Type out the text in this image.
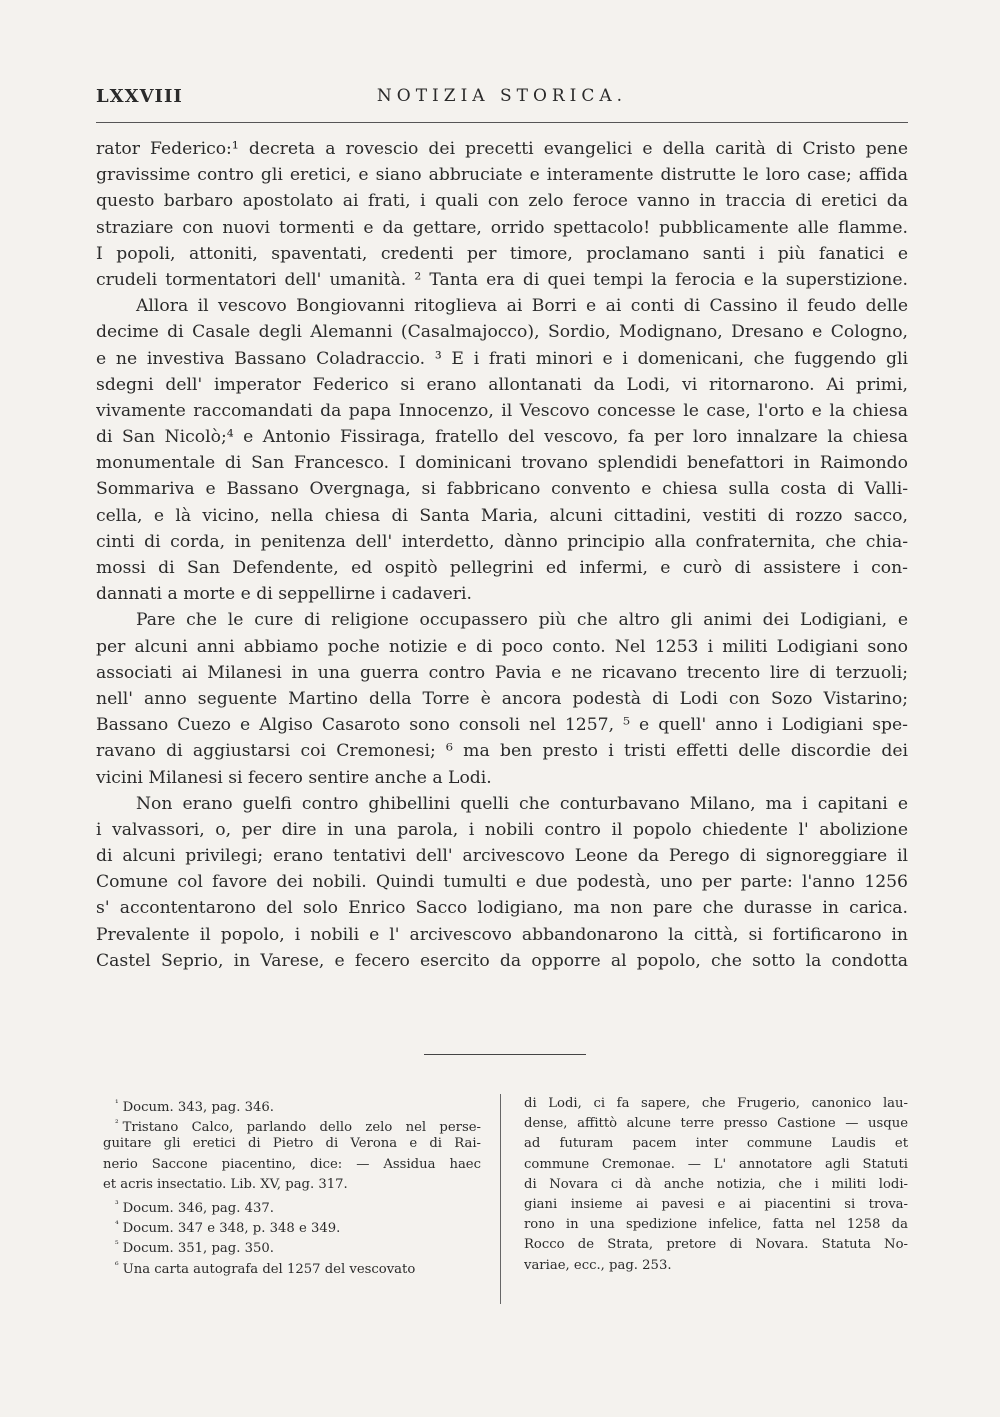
LXXVIII	NOTIZIA STORICA.
rator Federico:¹ decreta a rovescio dei precetti evangelici e della carità di Cristo pene
gravissime contro gli eretici, e siano abbruciate e interamente distrutte le loro case; affida
questo barbaro apostolato ai frati, i quali con zelo feroce vanno in traccia di eretici da
straziare con nuovi tormenti e da gettare, orrido spettacolo! pubblicamente alle flamme.
I popoli, attoniti, spaventati, credenti per timore, proclamano santi i più fanatici e
crudeli tormentatori dell' umanità. ² Tanta era di quei tempi la ferocia e la superstizione.
Allora il vescovo Bongiovanni ritoglieva ai Borri e ai conti di Cassino il feudo delle
decime di Casale degli Alemanni (Casalmajocco), Sordio, Modignano, Dresano e Cologno,
e ne investiva Bassano Coladraccio. ³ E i frati minori e i domenicani, che fuggendo gli
sdegni dell' imperator Federico si erano allontanati da Lodi, vi ritornarono. Ai primi,
vivamente raccomandati da papa Innocenzo, il Vescovo concesse le case, l'orto e la chiesa
di San Nicolò;⁴ e Antonio Fissiraga, fratello del vescovo, fa per loro innalzare la chiesa
monumentale di San Francesco. I dominicani trovano splendidi benefattori in Raimondo
Sommariva e Bassano Overgnaga, si fabbricano convento e chiesa sulla costa di Valli-
cella, e là vicino, nella chiesa di Santa Maria, alcuni cittadini, vestiti di rozzo sacco,
cinti di corda, in penitenza dell' interdetto, dànno principio alla confraternita, che chia-
mossi di San Defendente, ed ospitò pellegrini ed infermi, e curò di assistere i con-
dannati a morte e di seppellirne i cadaveri.
Pare che le cure di religione occupassero più che altro gli animi dei Lodigiani, e
per alcuni anni abbiamo poche notizie e di poco conto. Nel 1253 i militi Lodigiani sono
associati ai Milanesi in una guerra contro Pavia e ne ricavano trecento lire di terzuoli;
nell' anno seguente Martino della Torre è ancora podestà di Lodi con Sozo Vistarino;
Bassano Cuezo e Algiso Casaroto sono consoli nel 1257, ⁵ e quell' anno i Lodigiani spe-
ravano di aggiustarsi coi Cremonesi; ⁶ ma ben presto i tristi effetti delle discordie dei
vicini Milanesi si fecero sentire anche a Lodi.
Non erano guelfi contro ghibellini quelli che conturbavano Milano, ma i capitani e
i valvassori, o, per dire in una parola, i nobili contro il popolo chiedente l' abolizione
di alcuni privilegi; erano tentativi dell' arcivescovo Leone da Perego di signoreggiare il
Comune col favore dei nobili. Quindi tumulti e due podestà, uno per parte: l'anno 1256
s' accontentarono del solo Enrico Sacco lodigiano, ma non pare che durasse in carica.
Prevalente il popolo, i nobili e l' arcivescovo abbandonarono la città, si fortificarono in
Castel Seprio, in Varese, e fecero esercito da opporre al popolo, che sotto la condotta
$^{^1}$ Docum. 343, pag. 346.
$^{^2}$ Tristano Calco, parlando dello zelo nel perse-
guitare gli eretici di Pietro di Verona e di Rai-
nerio Saccone piacentino, dice: — Assidua haec
et acris insectatio. Lib. XV, pag. 317.
$^{^3}$ Docum. 346, pag. 437.
$^{^4}$ Docum. 347 e 348, p. 348 e 349.
$^{^5}$ Docum. 351, pag. 350.
$^{^6}$ Una carta autografa del 1257 del vescovato
di Lodi, ci fa sapere, che Frugerio, canonico lau-
dense, affittò alcune terre presso Castione — usque
ad futuram pacem inter commune Laudis et
commune Cremonae. — L' annotatore agli Statuti
di Novara ci dà anche notizia, che i militi lodi-
giani insieme ai pavesi e ai piacentini si trova-
rono in una spedizione infelice, fatta nel 1258 da
Rocco de Strata, pretore di Novara. Statuta No-
variae, ecc., pag. 253.
